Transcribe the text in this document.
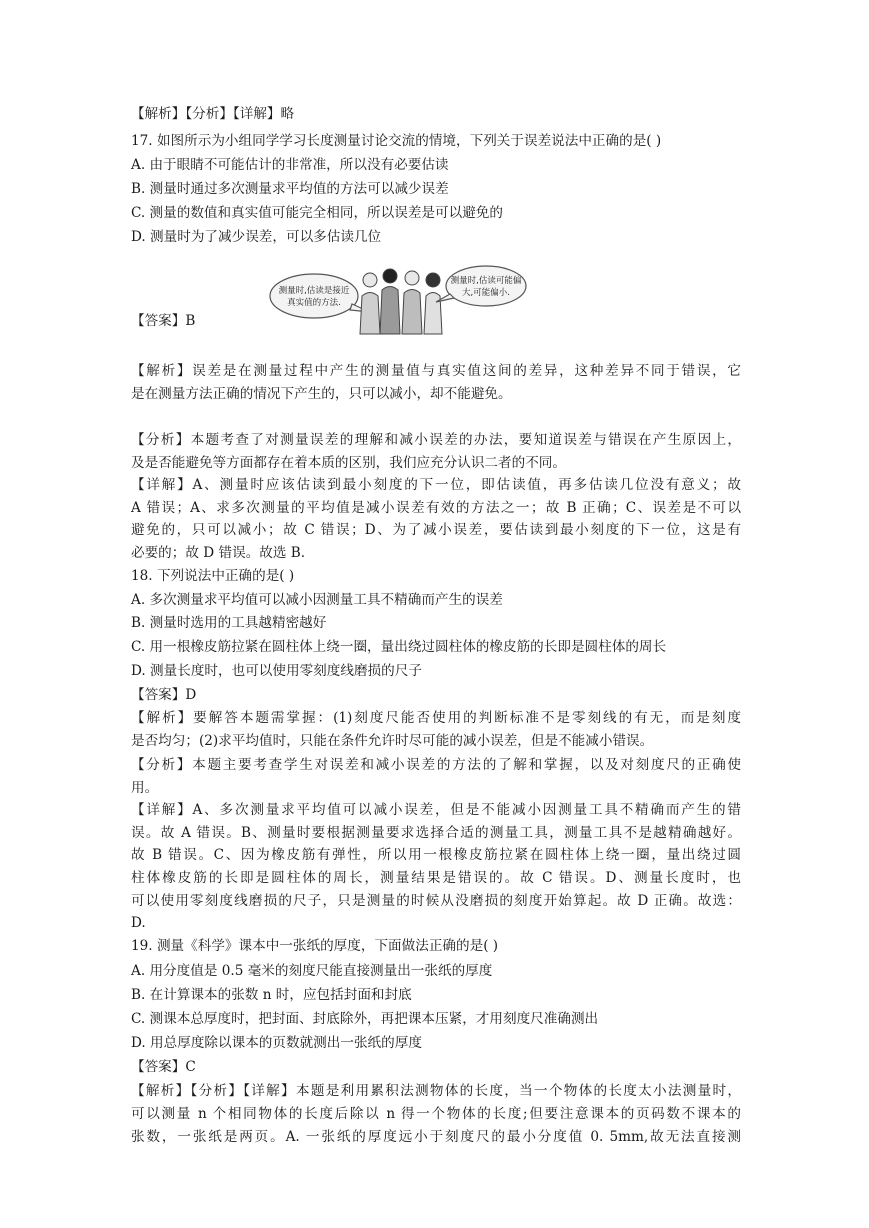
【解析】【分析】【详解】略
17. 如图所示为小组同学学习长度测量讨论交流的情境，下列关于误差说法中正确的是( )
A. 由于眼睛不可能估计的非常准，所以没有必要估读
B. 测量时通过多次测量求平均值的方法可以减少误差
C. 测量的数值和真实值可能完全相同，所以误差是可以避免的
D. 测量时为了减少误差，可以多估读几位
【答案】B
【解析】误差是在测量过程中产生的测量值与真实值这间的差异，这种差异不同于错误，它
是在测量方法正确的情况下产生的，只可以减小，却不能避免。
【分析】本题考查了对测量误差的理解和减小误差的办法，要知道误差与错误在产生原因上，
及是否能避免等方面都存在着本质的区别，我们应充分认识二者的不同。
【详解】A、测量时应该估读到最小刻度的下一位，即估读值，再多估读几位没有意义；故
A 错误；A、求多次测量的平均值是减小误差有效的方法之一；故 B 正确；C、误差是不可以
避免的，只可以减小；故 C 错误；D、为了减小误差，要估读到最小刻度的下一位，这是有
必要的；故 D 错误。故选 B.
18. 下列说法中正确的是( )
A. 多次测量求平均值可以减小因测量工具不精确而产生的误差
B. 测量时选用的工具越精密越好
C. 用一根橡皮筋拉紧在圆柱体上绕一圈，量出绕过圆柱体的橡皮筋的长即是圆柱体的周长
D. 测量长度时，也可以使用零刻度线磨损的尺子
【答案】D
【解析】要解答本题需掌握：(1)刻度尺能否使用的判断标准不是零刻线的有无，而是刻度
是否均匀；(2)求平均值时，只能在条件允许时尽可能的减小误差，但是不能减小错误。
【分析】本题主要考查学生对误差和减小误差的方法的了解和掌握，以及对刻度尺的正确使
用。
【详解】A、多次测量求平均值可以减小误差，但是不能减小因测量工具不精确而产生的错
误。故 A 错误。B、测量时要根据测量要求选择合适的测量工具，测量工具不是越精确越好。
故 B 错误。C、因为橡皮筋有弹性，所以用一根橡皮筋拉紧在圆柱体上绕一圈，量出绕过圆
柱体橡皮筋的长即是圆柱体的周长，测量结果是错误的。故 C 错误。D、测量长度时，也
可以使用零刻度线磨损的尺子，只是测量的时候从没磨损的刻度开始算起。故 D 正确。故选：
D.
19. 测量《科学》课本中一张纸的厚度，下面做法正确的是( )
A. 用分度值是 0.5 毫米的刻度尺能直接测量出一张纸的厚度
B. 在计算课本的张数 n 时，应包括封面和封底
C. 测课本总厚度时，把封面、封底除外，再把课本压紧，才用刻度尺准确测出
D. 用总厚度除以课本的页数就测出一张纸的厚度
【答案】C
【解析】【分析】【详解】本题是利用累积法测物体的长度，当一个物体的长度太小法测量时，
可以测量 n 个相同物体的长度后除以 n 得一个物体的长度;但要注意课本的页码数不课本的
张数，一张纸是两页。A. 一张纸的厚度远小于刻度尺的最小分度值 0. 5mm,故无法直接测
测量时,估读是接近
真实值的方法.
测量时,估读可能偏
大,可能偏小.
